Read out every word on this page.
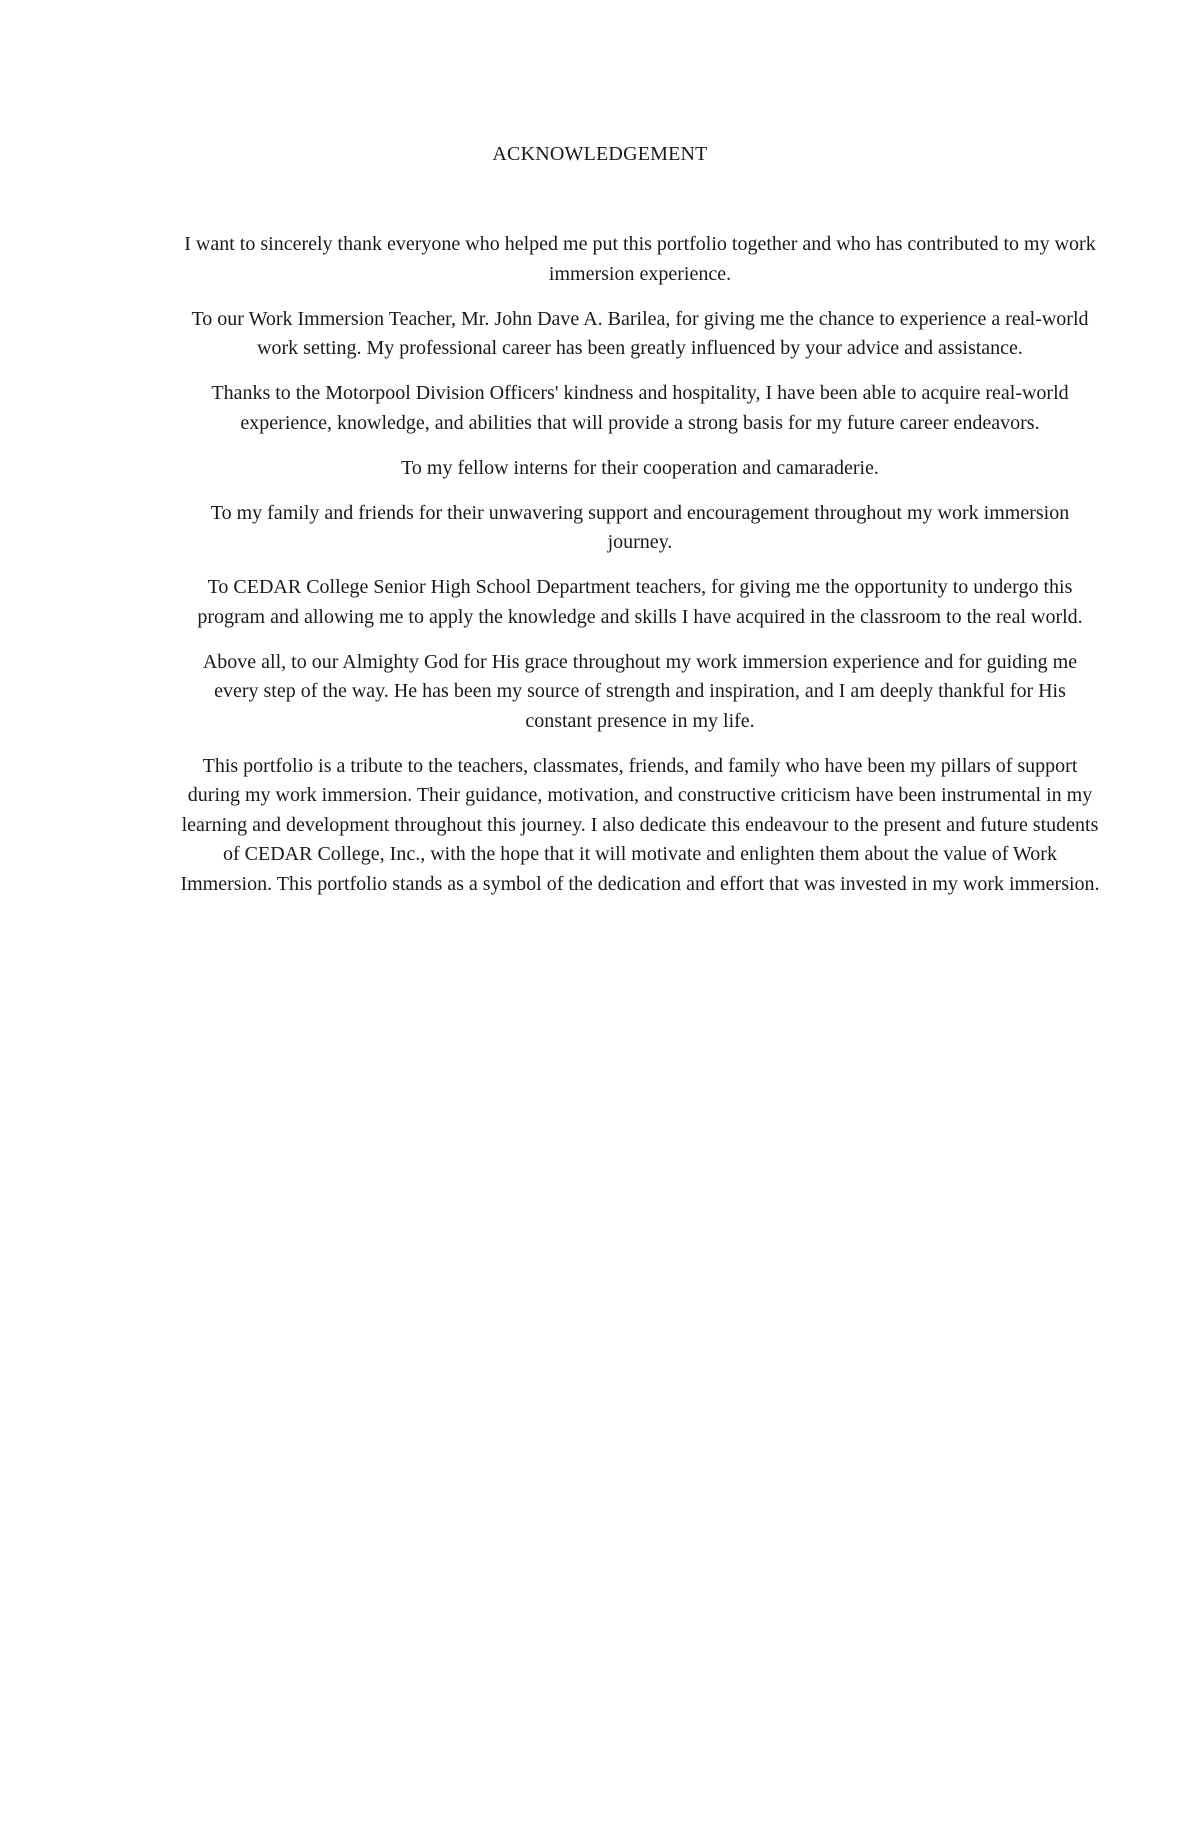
ACKNOWLEDGEMENT

I want to sincerely thank everyone who helped me put this portfolio together and who has contributed to my work immersion experience.

To our Work Immersion Teacher, Mr. John Dave A. Barilea, for giving me the chance to experience a real-world work setting. My professional career has been greatly influenced by your advice and assistance.

Thanks to the Motorpool Division Officers' kindness and hospitality, I have been able to acquire real-world experience, knowledge, and abilities that will provide a strong basis for my future career endeavors.

To my fellow interns for their cooperation and camaraderie.

To my family and friends for their unwavering support and encouragement throughout my work immersion journey.

To CEDAR College Senior High School Department teachers, for giving me the opportunity to undergo this program and allowing me to apply the knowledge and skills I have acquired in the classroom to the real world.

Above all, to our Almighty God for His grace throughout my work immersion experience and for guiding me every step of the way. He has been my source of strength and inspiration, and I am deeply thankful for His constant presence in my life.

This portfolio is a tribute to the teachers, classmates, friends, and family who have been my pillars of support during my work immersion. Their guidance, motivation, and constructive criticism have been instrumental in my learning and development throughout this journey. I also dedicate this endeavour to the present and future students of CEDAR College, Inc., with the hope that it will motivate and enlighten them about the value of Work Immersion. This portfolio stands as a symbol of the dedication and effort that was invested in my work immersion.
